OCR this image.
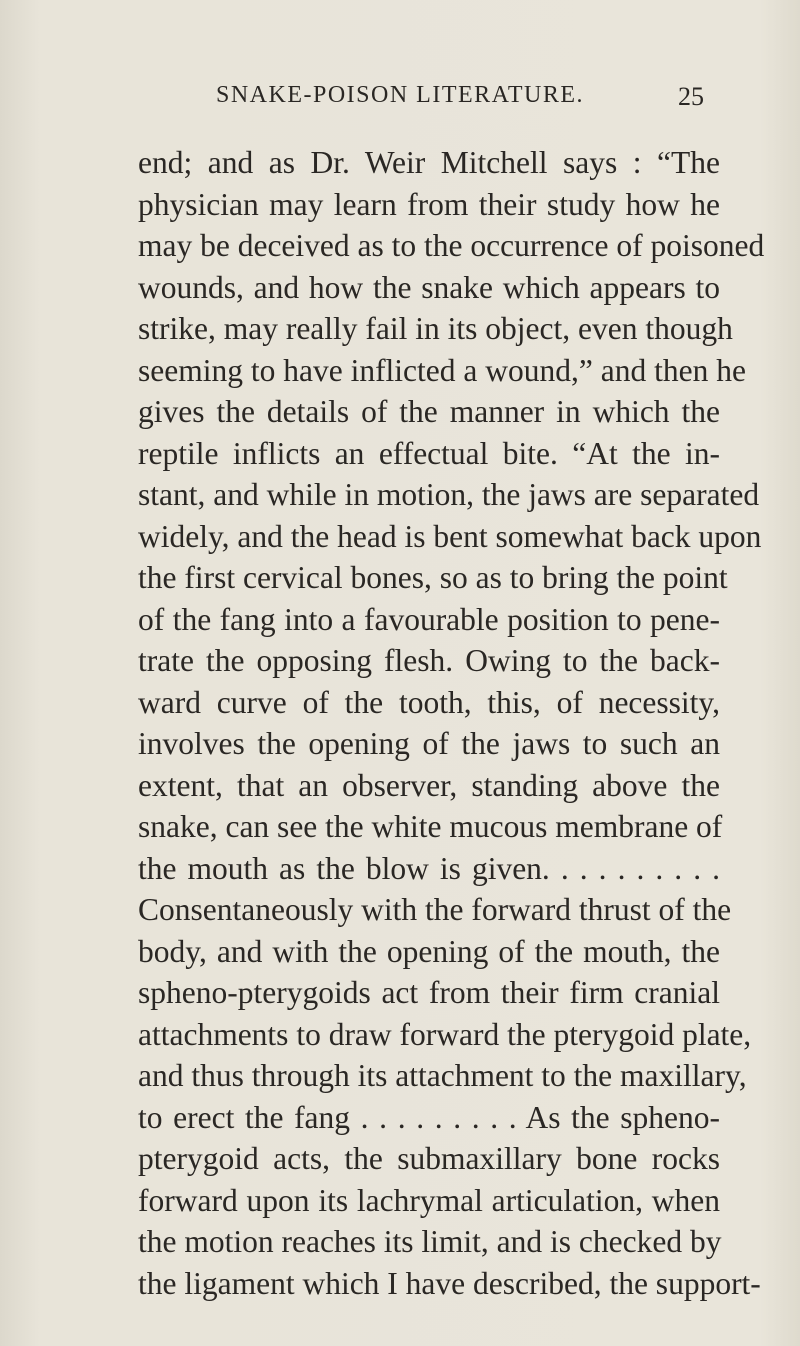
SNAKE-POISON LITERATURE.	25
end; and as Dr. Weir Mitchell says : “The
physician may learn from their study how he
may be deceived as to the occurrence of poisoned
wounds, and how the snake which appears to
strike, may really fail in its object, even though
seeming to have inflicted a wound,” and then he
gives the details of the manner in which the
reptile inflicts an effectual bite. “At the in-
stant, and while in motion, the jaws are separated
widely, and the head is bent somewhat back upon
the first cervical bones, so as to bring the point
of the fang into a favourable position to pene-
trate the opposing flesh. Owing to the back-
ward curve of the tooth, this, of necessity,
involves the opening of the jaws to such an
extent, that an observer, standing above the
snake, can see the white mucous membrane of
the mouth as the blow is given. . . . . . . . . .
Consentaneously with the forward thrust of the
body, and with the opening of the mouth, the
spheno-pterygoids act from their firm cranial
attachments to draw forward the pterygoid plate,
and thus through its attachment to the maxillary,
to erect the fang . . . . . . . . . As the spheno-
pterygoid acts, the submaxillary bone rocks
forward upon its lachrymal articulation, when
the motion reaches its limit, and is checked by
the ligament which I have described, the support-
